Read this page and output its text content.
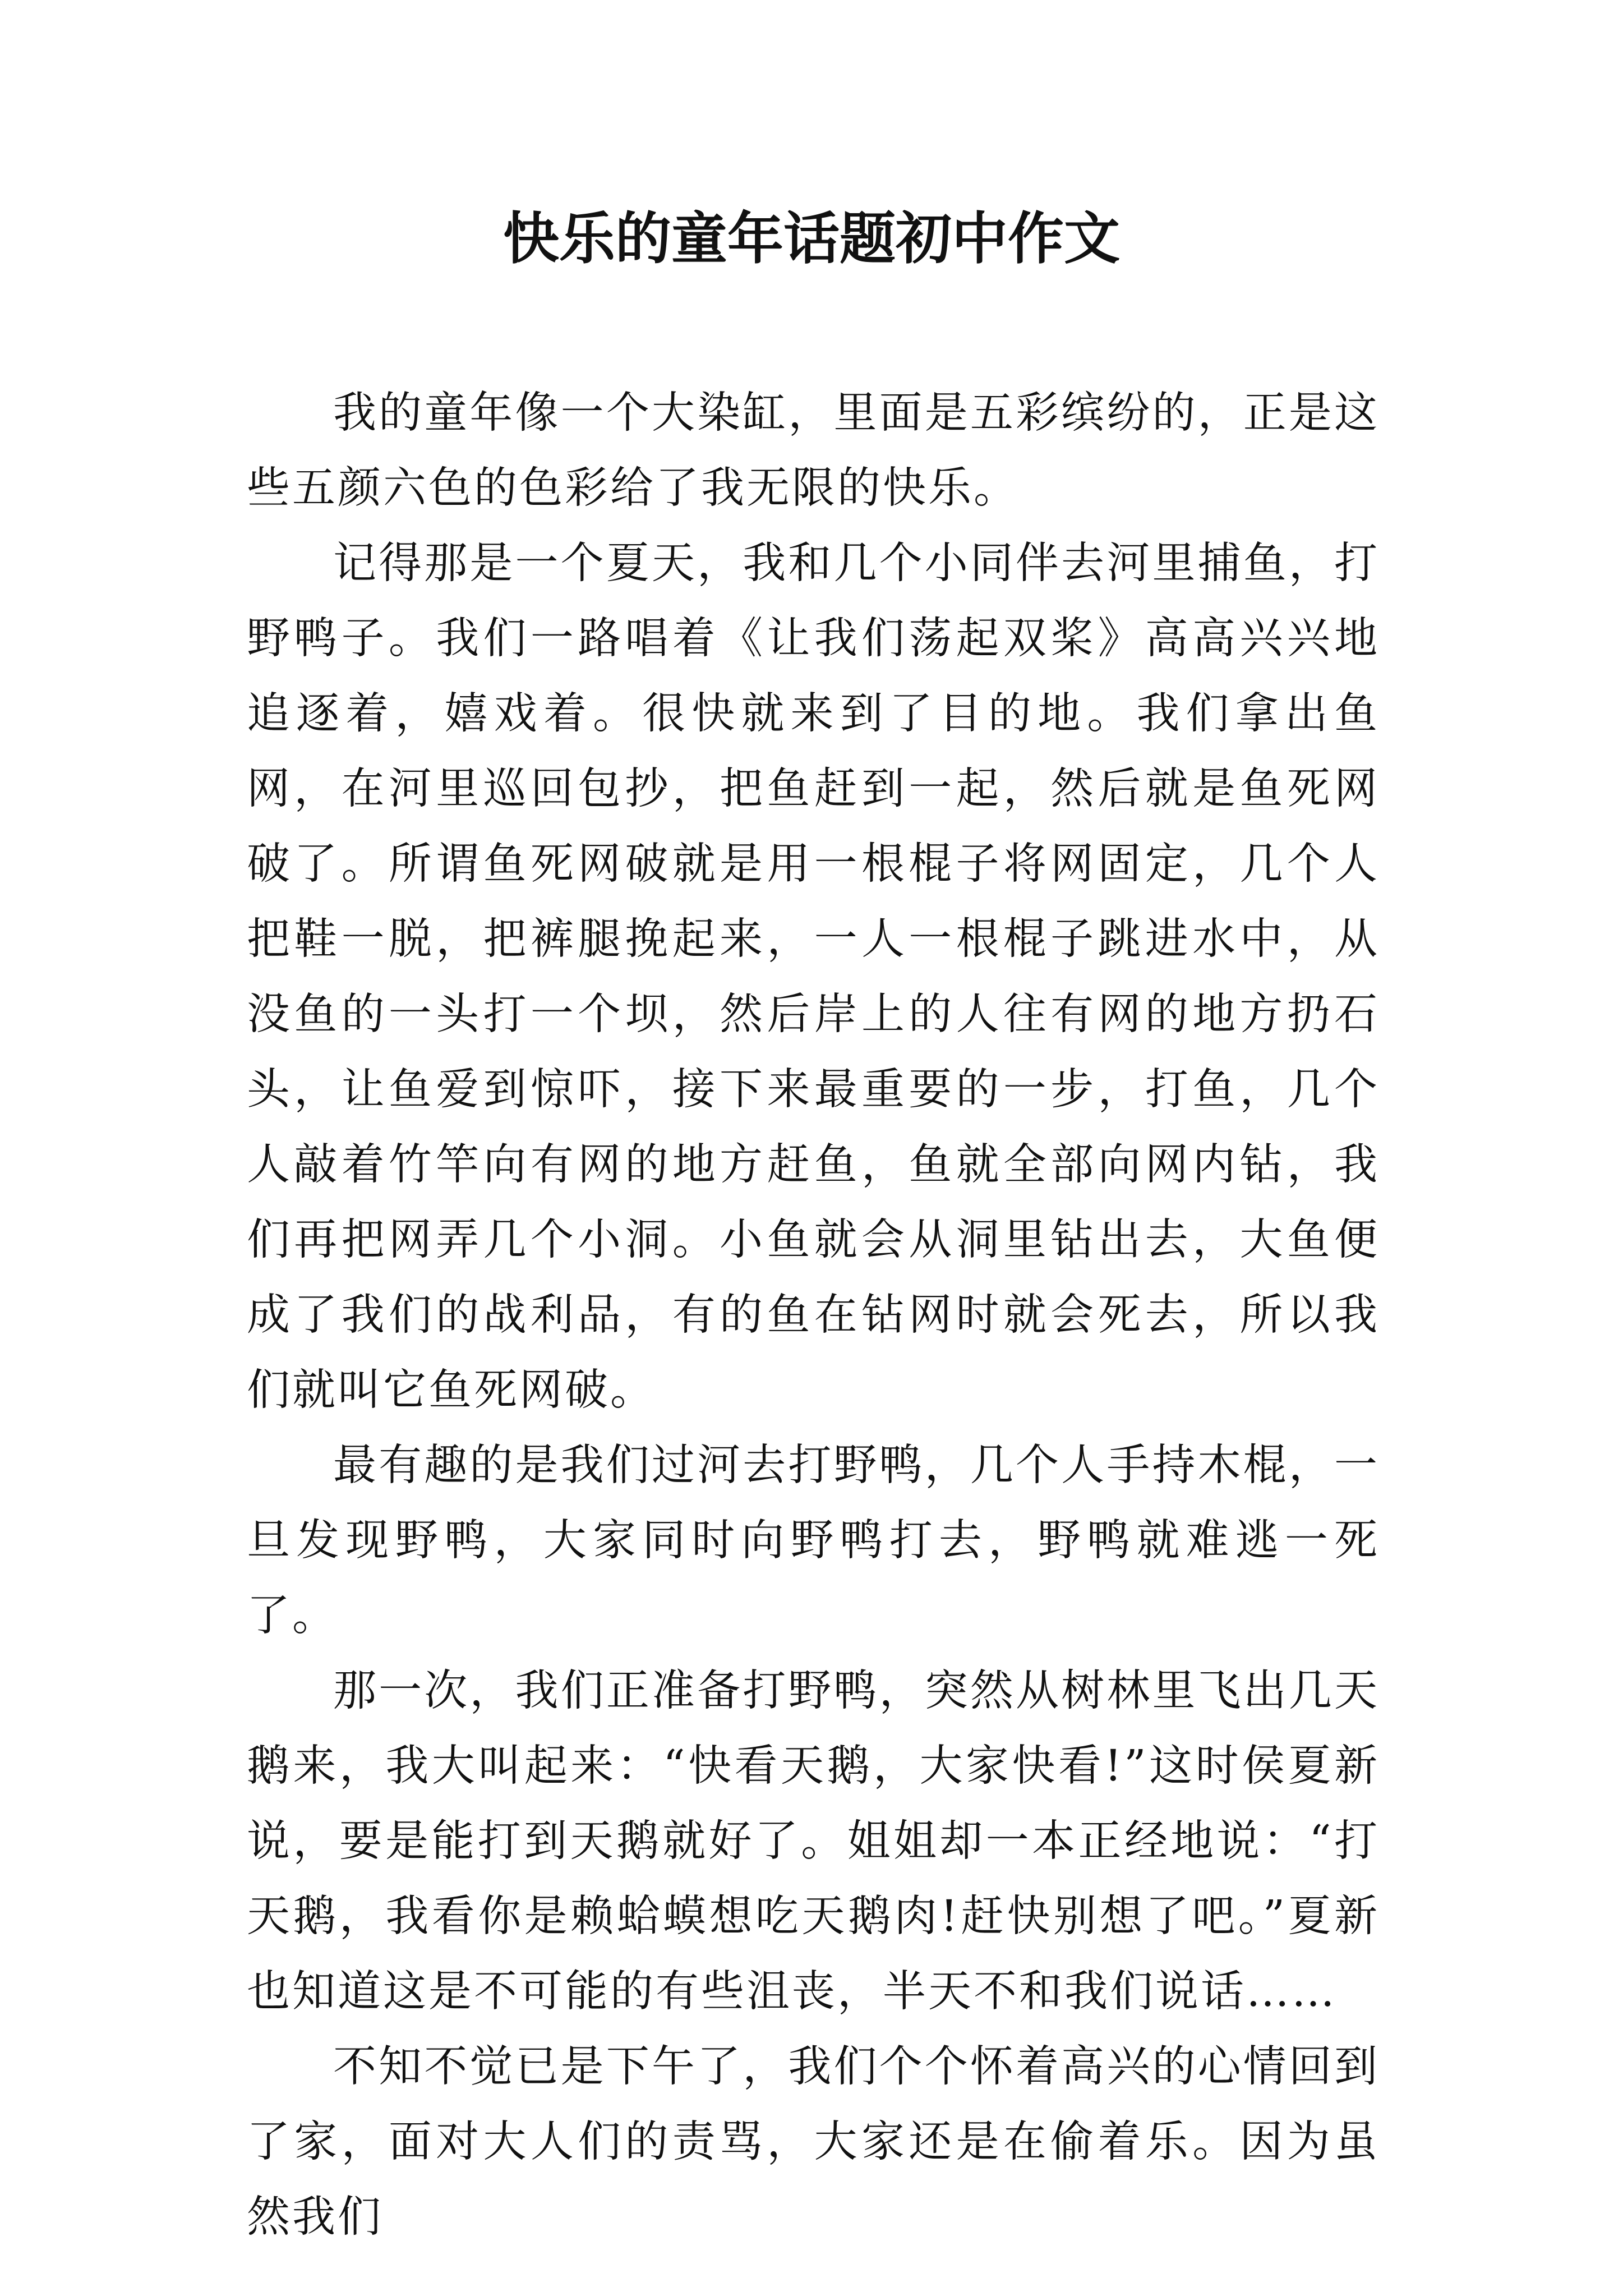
快乐的童年话题初中作文

我的童年像一个大染缸，里面是五彩缤纷的，正是这些五颜六色的色彩给了我无限的快乐。

记得那是一个夏天，我和几个小同伴去河里捕鱼，打野鸭子。我们一路唱着《让我们荡起双桨》高高兴兴地追逐着，嬉戏着。很快就来到了目的地。我们拿出鱼网，在河里巡回包抄，把鱼赶到一起，然后就是鱼死网破了。所谓鱼死网破就是用一根棍子将网固定，几个人把鞋一脱，把裤腿挽起来，一人一根棍子跳进水中，从没鱼的一头打一个坝，然后岸上的人往有网的地方扔石头，让鱼爱到惊吓，接下来最重要的一步，打鱼，几个人敲着竹竿向有网的地方赶鱼，鱼就全部向网内钻，我们再把网弄几个小洞。小鱼就会从洞里钻出去，大鱼便成了我们的战利品，有的鱼在钻网时就会死去，所以我们就叫它鱼死网破。

最有趣的是我们过河去打野鸭，几个人手持木棍，一旦发现野鸭，大家同时向野鸭打去，野鸭就难逃一死了。

那一次，我们正准备打野鸭，突然从树林里飞出几天鹅来，我大叫起来：“快看天鹅，大家快看!”这时侯夏新说，要是能打到天鹅就好了。姐姐却一本正经地说：“打天鹅，我看你是赖蛤蟆想吃天鹅肉!赶快别想了吧。”夏新也知道这是不可能的有些沮丧，半天不和我们说话……

不知不觉已是下午了，我们个个怀着高兴的心情回到了家，面对大人们的责骂，大家还是在偷着乐。因为虽然我们
